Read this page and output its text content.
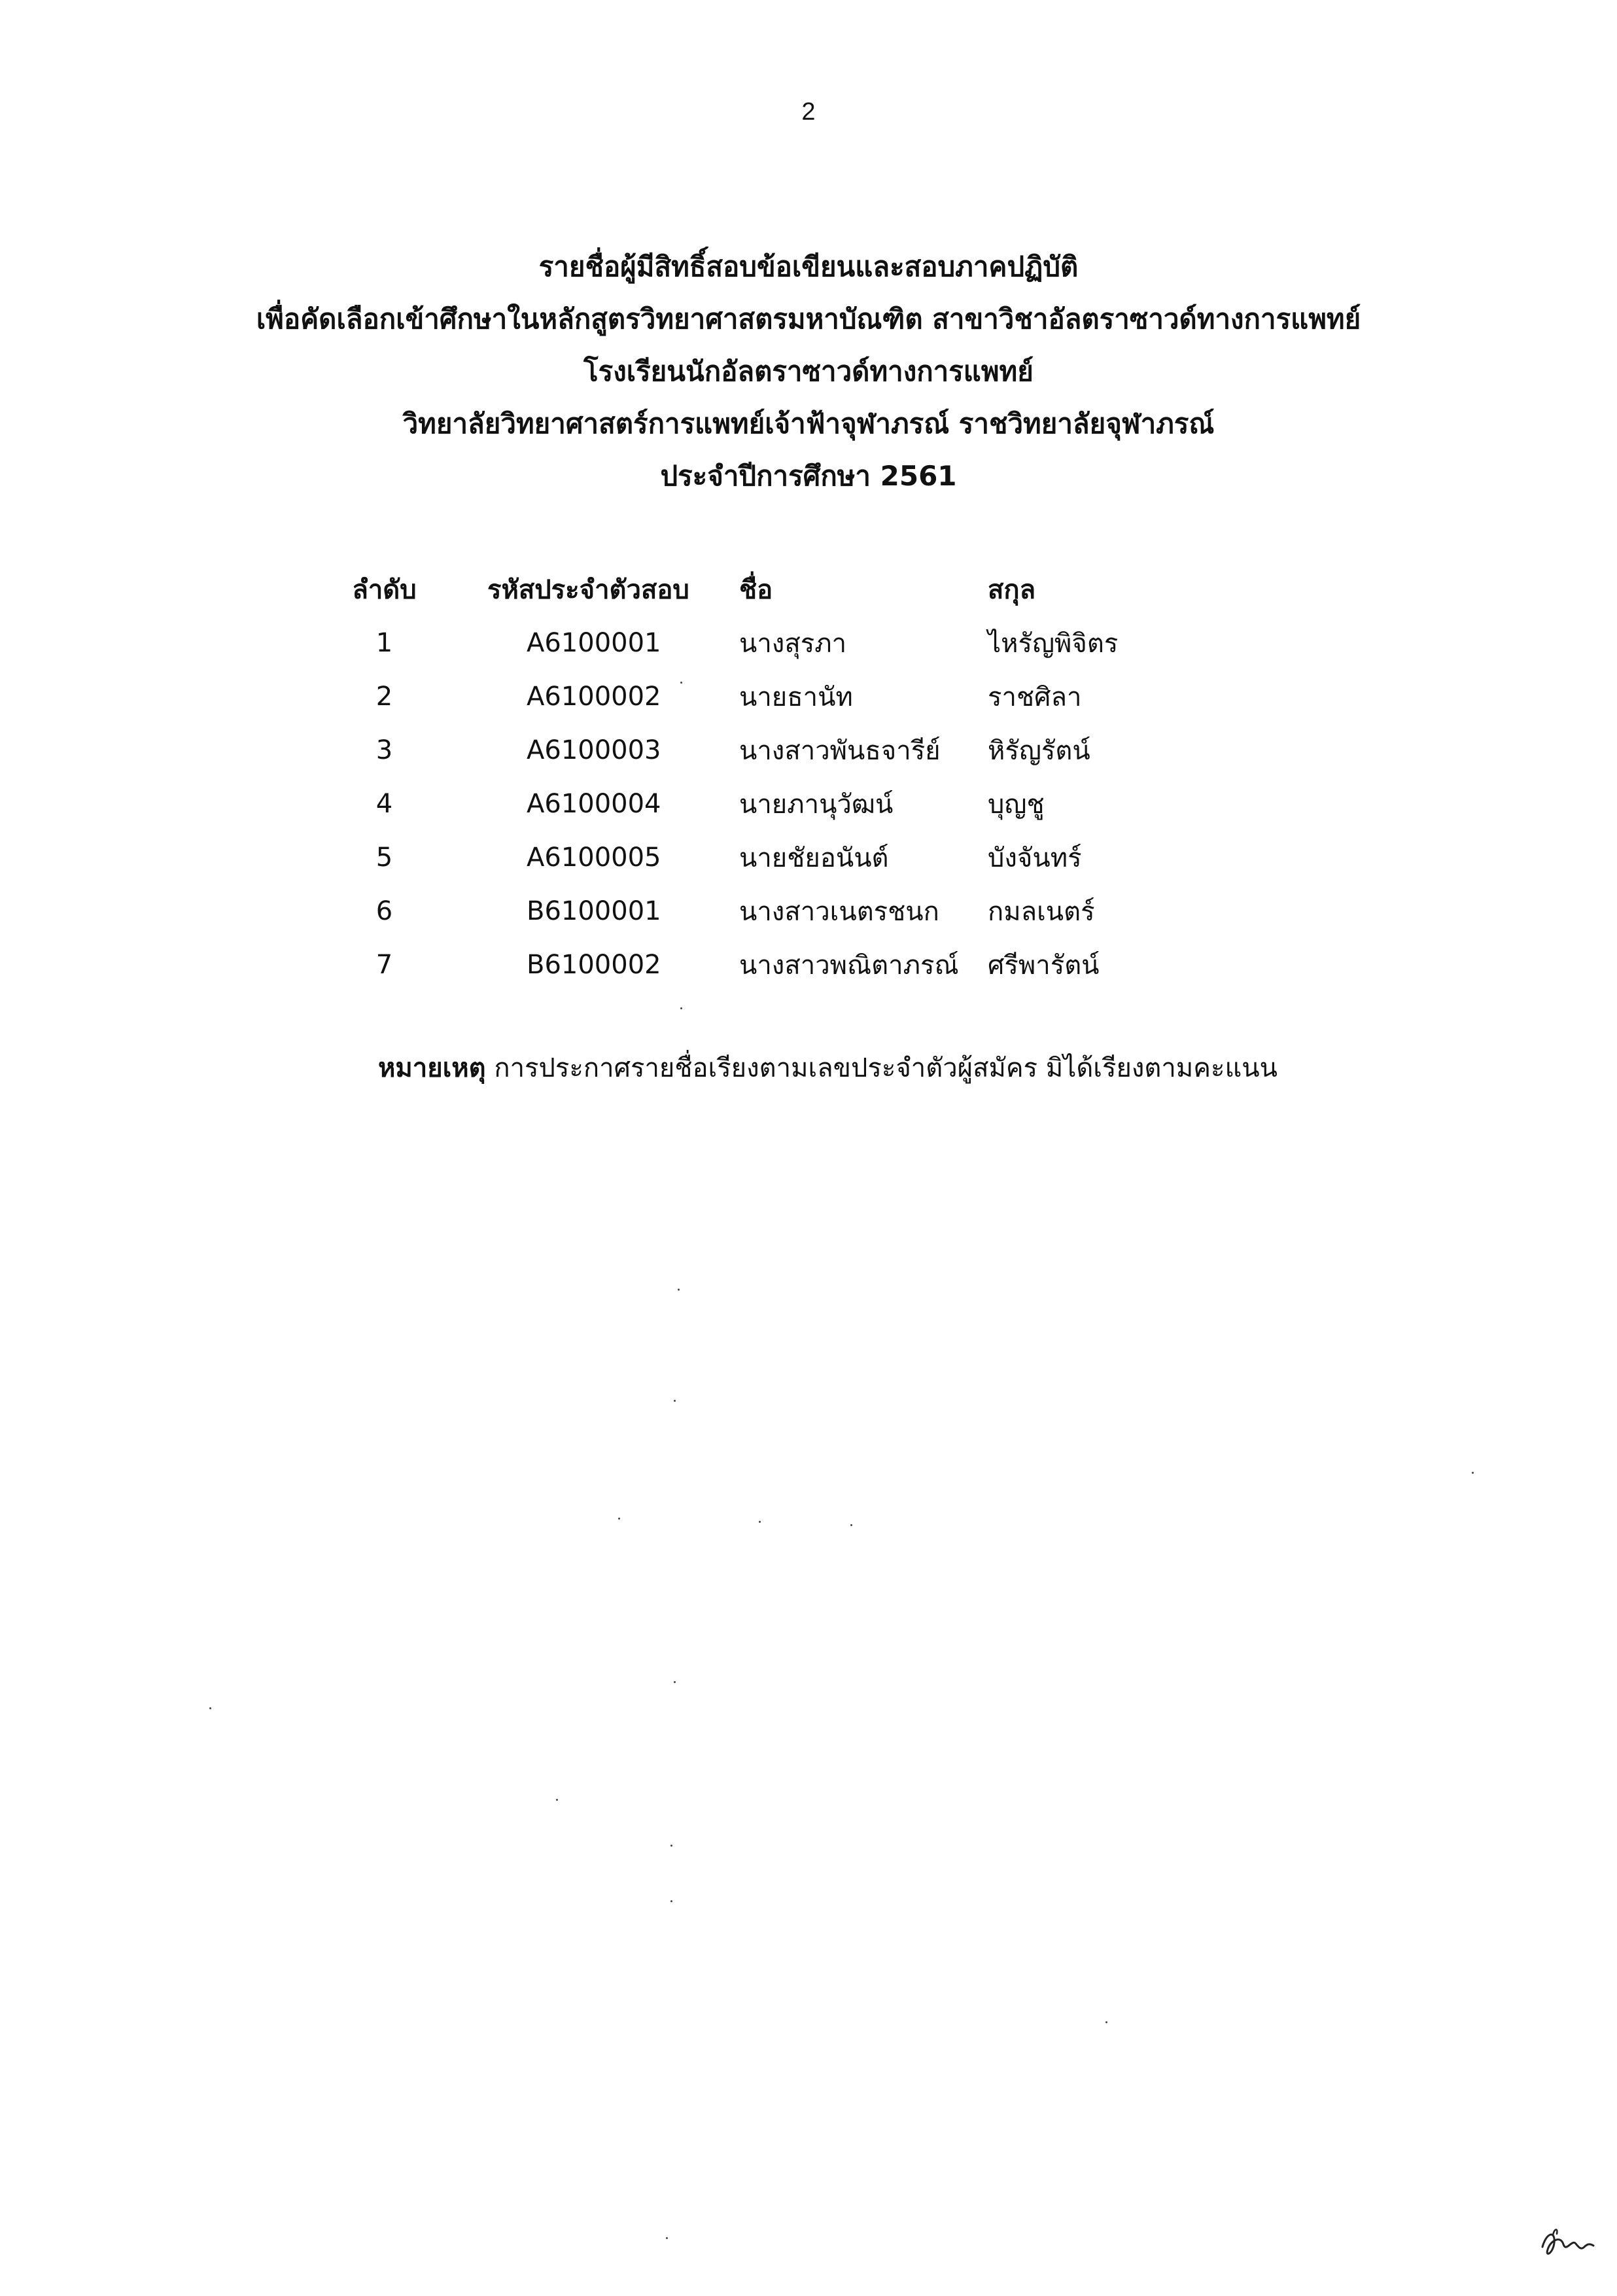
2
รายชื่อผู้มีสิทธิ์สอบข้อเขียนและสอบภาคปฏิบัติ
เพื่อคัดเลือกเข้าศึกษาในหลักสูตรวิทยาศาสตรมหาบัณฑิต สาขาวิชาอัลตราซาวด์ทางการแพทย์
โรงเรียนนักอัลตราซาวด์ทางการแพทย์
วิทยาลัยวิทยาศาสตร์การแพทย์เจ้าฟ้าจุฬาภรณ์ ราชวิทยาลัยจุฬาภรณ์
ประจำปีการศึกษา 2561
ลำดับ	รหัสประจำตัวสอบ	ชื่อ	สกุล
1	A6100001	นางสุรภา	ไหรัญพิจิตร
2	A6100002	นายธานัท	ราชศิลา
3	A6100003	นางสาวพันธจารีย์	หิรัญรัตน์
4	A6100004	นายภานุวัฒน์	บุญชู
5	A6100005	นายชัยอนันต์	บังจันทร์
6	B6100001	นางสาวเนตรชนก	กมลเนตร์
7	B6100002	นางสาวพณิตาภรณ์	ศรีพารัตน์
หมายเหตุ การประกาศรายชื่อเรียงตามเลขประจำตัวผู้สมัคร มิได้เรียงตามคะแนน
